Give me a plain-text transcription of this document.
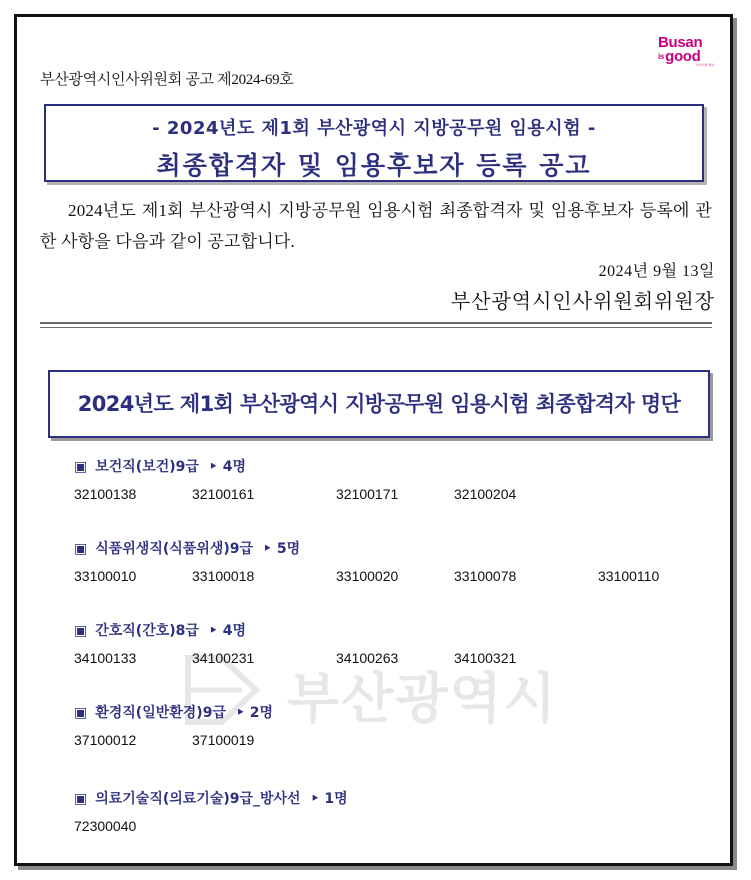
Busan
$^{is}$good
부산이라 좋다
부산광역시인사위원회 공고 제2024-69호
- 2024년도 제1회 부산광역시 지방공무원 임용시험 -
최종합격자 및 임용후보자 등록 공고
2024년도 제1회 부산광역시 지방공무원 임용시험 최종합격자 및 임용후보자 등록에 관한 사항을 다음과 같이 공고합니다.
2024년 9월 13일
부산광역시인사위원회위원장
2024년도 제1회 부산광역시 지방공무원 임용시험 최종합격자 명단
부산광역시
▣ 보건직(보건)9급 ‣ 4명
32100138	32100161	32100171	32100204
▣ 식품위생직(식품위생)9급 ‣ 5명
33100010	33100018	33100020	33100078	33100110
▣ 간호직(간호)8급 ‣ 4명
34100133	34100231	34100263	34100321
▣ 환경직(일반환경)9급 ‣ 2명
37100012	37100019
▣ 의료기술직(의료기술)9급_방사선 ‣ 1명
72300040
